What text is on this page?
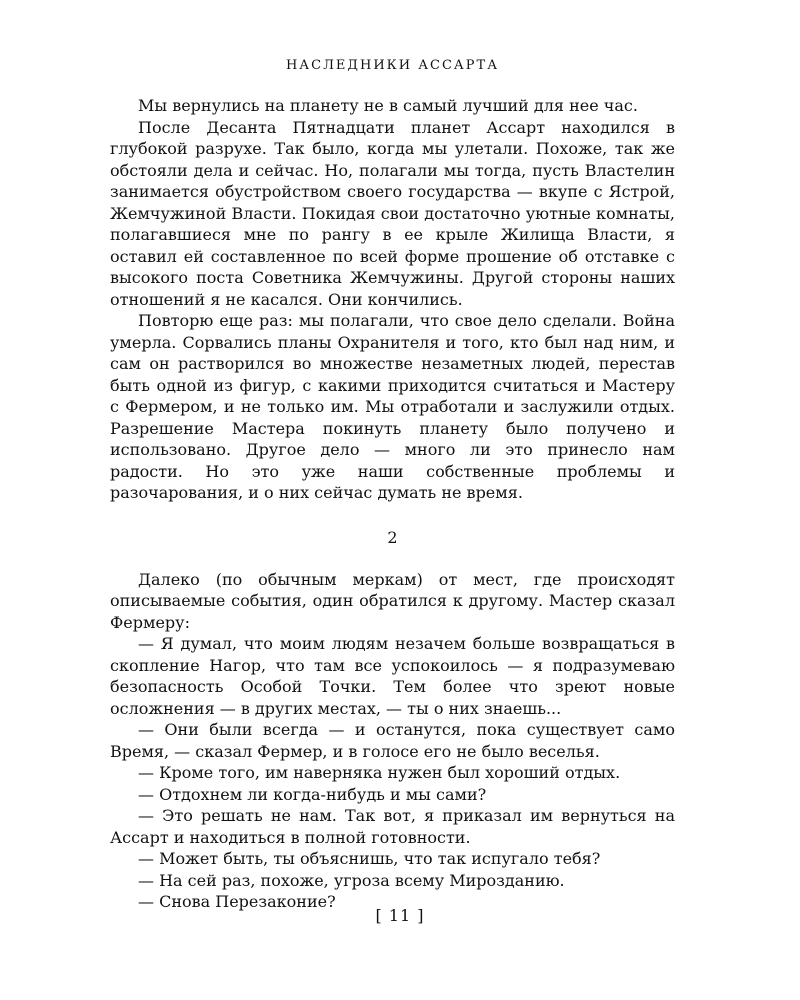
НАСЛЕДНИКИ АССАРТА

Мы вернулись на планету не в самый лучший для нее час.

После Десанта Пятнадцати планет Ассарт находился в глубокой разрухе. Так было, когда мы улетали. Похоже, так же обстояли дела и сейчас. Но, полагали мы тогда, пусть Властелин занимается обустройством своего государства — вкупе с Ястрой, Жемчужиной Власти. Покидая свои достаточно уютные комнаты, полагавшиеся мне по рангу в ее крыле Жилища Власти, я оставил ей составленное по всей форме прошение об отставке с высокого поста Советника Жемчужины. Другой стороны наших отношений я не касался. Они кончились.

Повторю еще раз: мы полагали, что свое дело сделали. Война умерла. Сорвались планы Охранителя и того, кто был над ним, и сам он растворился во множестве незаметных людей, перестав быть одной из фигур, с какими приходится считаться и Мастеру с Фермером, и не только им. Мы отработали и заслужили отдых. Разрешение Мастера покинуть планету было получено и использовано. Другое дело — много ли это принесло нам радости. Но это уже наши собственные проблемы и разочарования, и о них сейчас думать не время.

2

Далеко (по обычным меркам) от мест, где происходят описываемые события, один обратился к другому. Мастер сказал Фермеру:

— Я думал, что моим людям незачем больше возвращаться в скопление Нагор, что там все успокоилось — я подразумеваю безопасность Особой Точки. Тем более что зреют новые осложнения — в других местах, — ты о них знаешь...

— Они были всегда — и останутся, пока существует само Время, — сказал Фермер, и в голосе его не было веселья.

— Кроме того, им наверняка нужен был хороший отдых.

— Отдохнем ли когда-нибудь и мы сами?

— Это решать не нам. Так вот, я приказал им вернуться на Ассарт и находиться в полной готовности.

— Может быть, ты объяснишь, что так испугало тебя?

— На сей раз, похоже, угроза всему Мирозданию.

— Снова Перезаконие?

[ 11 ]
